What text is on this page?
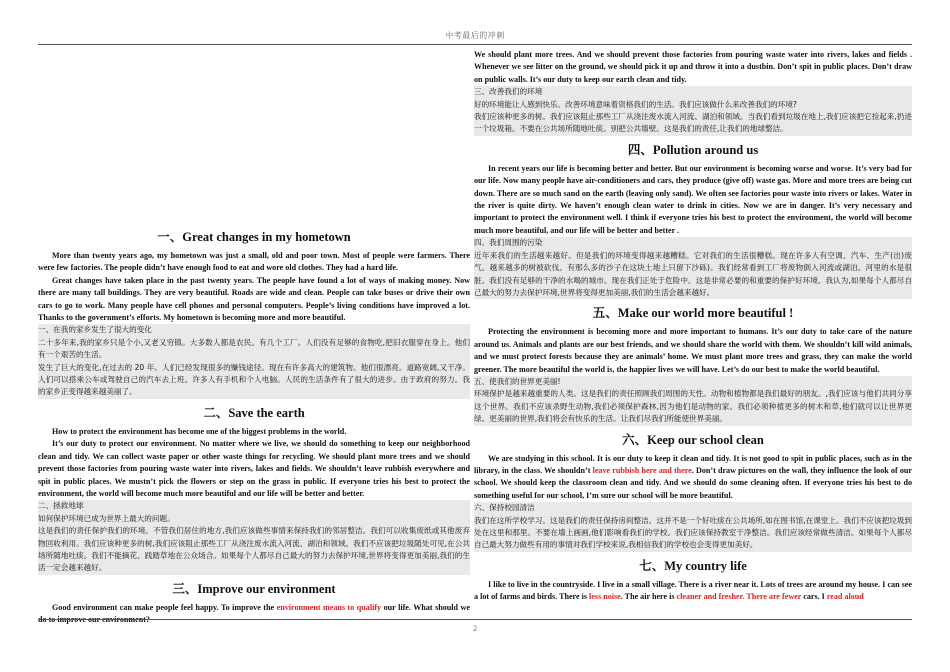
中考最后的冲刺
一、Great changes in my hometown

More than twenty years ago, my hometown was just a small, old and poor town. Most of people were farmers. There were few factories. The people didn’t have enough food to eat and wore old clothes. They had a hard life.

Great changes have taken place in the past twenty years. The people have found a lot of ways of making money. Now there are many tall buildings. They are very beautiful. Roads are wide and clean. People can take buses or drive their own cars to go to work. Many people have cell phones and personal computers. People’s living conditions have improved a lot. Thanks to the government’s efforts. My hometown is becoming more and more beautiful.

一、在我的家乡发生了很大的变化

二十多年来,我的家乡只是个小,又老又穷镇。大多数人都是农民。有几个工厂。人们没有足够的食物吃,把旧衣服穿在身上。他们有一个艰苦的生活。

发生了巨大的变化,在过去的 20 年。人们已经发现很多的赚钱途径。现在有许多高大的建筑物。他们很漂亮。道路宽阔,又干净。人们可以搭乘公车或驾驶自己的汽车去上班。许多人有手机和个人电脑。人民的生活条件有了很大的进步。由于政府的努力。我的家乡正变得越来越美丽了。

二、Save the earth

How to protect the environment has become one of the biggest problems in the world.

It’s our duty to protect our environment. No matter where we live, we should do something to keep our neighborhood clean and tidy. We can collect waste paper or other waste things for recycling. We should plant more trees and we should prevent those factories from pouring waste water into rivers, lakes and fields. We shouldn’t leave rubbish everywhere and spit in public places. We mustn’t pick the flowers or step on the grass in public. If everyone tries his best to protect the environment, the world will become much more beautiful and our life will be better and better.

二、拯救地球

如何保护环境已成为世界上最大的问题。

这是我们的责任保护我们的环境。不管我们居住的地方,我们应该做些事情来保持我们的邻居整洁。我们可以收集废纸或其他废弃物回收利用。我们应该种更多的树,我们应该阻止那些工厂从浇注废水流入河流、湖泊和领域。我们不应该把垃圾随处可见,在公共场所随地吐痰。我们不能摘花、践踏草地在公众场合。如果每个人都尽自己最大的努力去保护环境,世界将变得更加美丽,我们的生活一定会越来越好。

三、Improve our environment

Good environment can make people feel happy. To improve the environment means to qualify our life. What should we do to improve our environment?

We should plant more trees. And we should prevent those factories from pouring waste water into rivers, lakes and fields . Whenever we see litter on the ground, we should pick it up and throw it into a dustbin. Don’t spit in public places. Don’t draw on public walls. It’s our duty to keep our earth clean and tidy.

三、改善我们的环境

好的环境能让人感到快乐。改善环境意味着资格我们的生活。我们应该做什么来改善我们的环境?

我们应该种更多的树。我们应该阻止那些工厂从浇注废水流入河流、湖泊和领域。当我们看到垃圾在地上,我们应该把它捡起来,扔进一个垃圾箱。不要在公共场所随地吐痰。别把公共墙壁。这是我们的责任,让我们的地球整洁。

四、Pollution around us

In recent years our life is becoming better and better. But our environment is becoming worse and worse. It’s very bad for our life. Now many people have air-conditioners and cars, they produce (give off) waste gas. More and more trees are being cut down. There are so much sand on the earth (leaving only sand). We often see factories pour waste into rivers or lakes. Water in the river is quite dirty. We haven’t enough clean water to drink in cities. Now we are in danger. It’s very necessary and important to protect the environment well. I think if everyone tries his best to protect the environment, the world will become much more beautiful, and our life will be better and better .

四、我们周围的污染

近年来我们的生活越来越好。但是我们的环境变得越来越糟糕。它对我们的生活很糟糕。现在许多人有空调、汽车、生产(出)废气。越来越多的树被砍伐。有那么多的沙子在这块土地上只留下沙砾)。我们经常看到工厂将废物倒入河流或湖泊。河里的水是很脏。我们没有足够的干净的水喝的城市。现在我们正处于危险中。这是非常必要的和重要的保护好环境。我认为,如果每个人都尽自己最大的努力去保护环境,世界将变得更加美丽,我们的生活会越来越好。

五、Make our world more beautiful !

Protecting the environment is becoming more and more important to humans. It’s our duty to take care of the nature around us. Animals and plants are our best friends, and we should share the world with them. We shouldn’t kill wild animals, and we must protect forests because they are animals’ home. We must plant more trees and grass, they can make the world greener. The more beautiful the world is, the happier lives we will have. Let’s do our best to make the world beautiful.

五、使我们的世界更美丽!

环境保护是越来越重要的人类。这是我们的责任照顾我们周围的天性。动物和植物都是我们最好的朋友。,我们应该与他们共同分享这个世界。我们不应该杀野生动物,我们必须保护森林,因为他们是动物的家。我们必须种植更多的树木和草,他们就可以让世界更绿。更美丽的世界,我们将会有快乐的生活。让我们尽我们所能使世界美丽。

六、Keep our school clean

We are studying in this school. It is our duty to keep it clean and tidy. It is not good to spit in public places, such as in the library, in the class. We shouldn’t leave rubbish here and there. Don’t draw pictures on the wall, they influence the look of our school. We should keep the classroom clean and tidy. And we should do some cleaning often. If everyone tries his best to do something useful for our school, I’m sure our school will be more beautiful.

六、保持校园清洁

我们在这所学校学习。这是我们的责任保持房间整洁。这并不是一个好吐痰在公共场所,如在图书馆,在课堂上。我们不应该把垃圾到处在这里和那里。不要在墙上画画,他们影响看我们的学校。我们应该保持教室干净整洁。我们应该经常做些清洁。如果每个人都尽自己最大努力做些有用的事情对我们学校来说,我相信我们的学校也会变得更加美好。

七、My country life

I like to live in the countryside. I live in a small village. There is a river near it. Lots of trees are around my house. I can see a lot of farms and birds. There is less noise. The air here is cleaner and fresher. There are fewer cars. I read aloud

2
